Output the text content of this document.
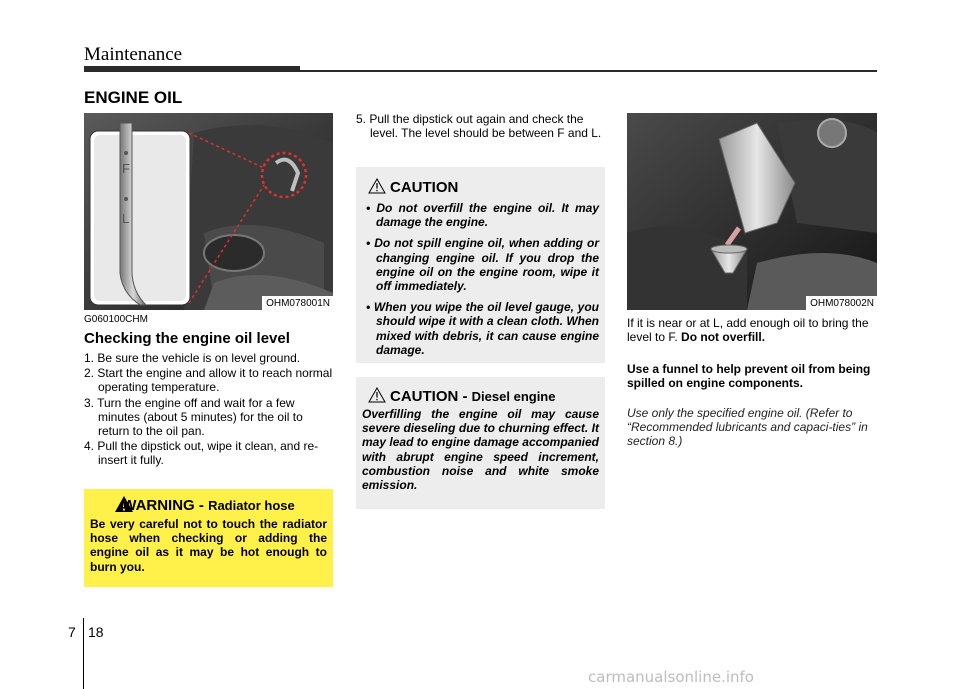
Maintenance
ENGINE OIL
F
L
OHM078001N
G060100CHM
Checking the engine oil level
1. Be sure the vehicle is on level ground.
2. Start the engine and allow it to reach normal operating temperature.
3. Turn the engine off and wait for a few minutes (about 5 minutes) for the oil to return to the oil pan.
4. Pull the dipstick out, wipe it clean, and re-insert it fully.
WARNING - Radiator hose
Be very careful not to touch the radiator hose when checking or adding the engine oil as it may be hot enough to burn you.
5. Pull the dipstick out again and check the level. The level should be between F and L.
CAUTION
• Do not overfill the engine oil. It may damage the engine.
• Do not spill engine oil, when adding or changing engine oil. If you drop the engine oil on the engine room, wipe it off immediately.
• When you wipe the oil level gauge, you should wipe it with a clean cloth. When mixed with debris, it can cause engine damage.
CAUTION - Diesel engine
Overfilling the engine oil may cause severe dieseling due to churning effect. It may lead to engine damage accompanied with abrupt engine speed increment, combustion noise and white smoke emission.
OHM078002N
If it is near or at L, add enough oil to bring the level to F. Do not overfill.
Use a funnel to help prevent oil from being spilled on engine components.
Use only the specified engine oil. (Refer to “Recommended lubricants and capaci-ties” in section 8.)
7 18
carmanualsonline.info
